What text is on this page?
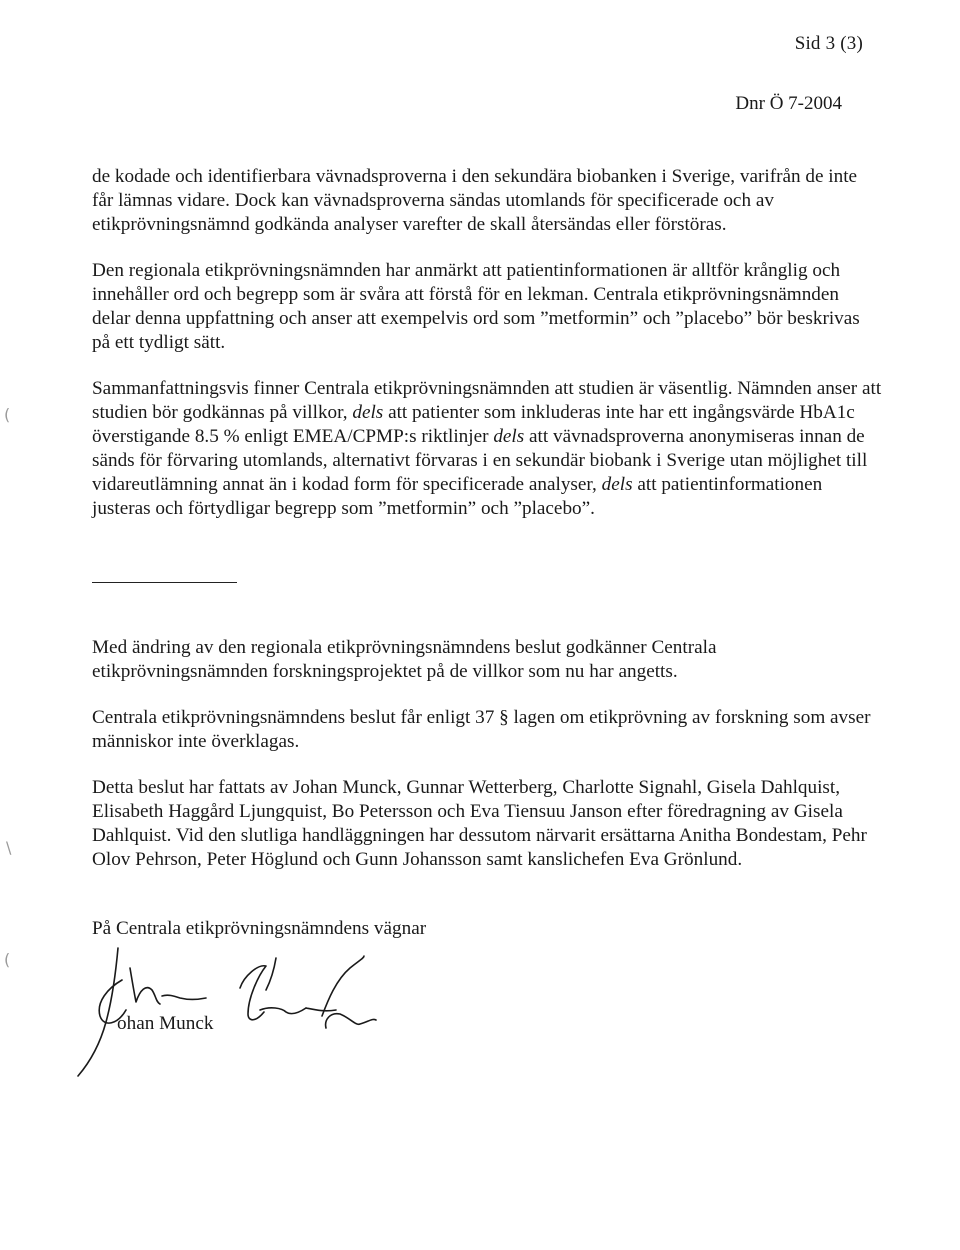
Sid 3 (3)
Dnr Ö 7-2004

de kodade och identifierbara vävnadsproverna i den sekundära biobanken i Sverige, varifrån de inte får lämnas vidare. Dock kan vävnadsproverna sändas utomlands för specificerade och av etikprövningsnämnd godkända analyser varefter de skall återsändas eller förstöras.

Den regionala etikprövningsnämnden har anmärkt att patientinformationen är alltför krånglig och innehåller ord och begrepp som är svåra att förstå för en lekman. Centrala etikprövningsnämnden delar denna uppfattning och anser att exempelvis ord som ”metformin” och ”placebo” bör beskrivas på ett tydligt sätt.

Sammanfattningsvis finner Centrala etikprövningsnämnden att studien är väsentlig. Nämnden anser att studien bör godkännas på villkor, dels att patienter som inkluderas inte har ett ingångsvärde HbA1c överstigande 8.5 % enligt EMEA/CPMP:s riktlinjer dels att vävnadsproverna anonymiseras innan de sänds för förvaring utomlands, alternativt förvaras i en sekundär biobank i Sverige utan möjlighet till vidareutlämning annat än i kodad form för specificerade analyser, dels att patientinformationen justeras och förtydligar begrepp som ”metformin” och ”placebo”.

Med ändring av den regionala etikprövningsnämndens beslut godkänner Centrala etikprövningsnämnden forskningsprojektet på de villkor som nu har angetts.

Centrala etikprövningsnämndens beslut får enligt 37 § lagen om etikprövning av forskning som avser människor inte överklagas.

Detta beslut har fattats av Johan Munck, Gunnar Wetterberg, Charlotte Signahl, Gisela Dahlquist, Elisabeth Haggård Ljungquist, Bo Petersson och Eva Tiensuu Janson efter föredragning av Gisela Dahlquist. Vid den slutliga handläggningen har dessutom närvarit ersättarna Anitha Bondestam, Pehr Olov Pehrson, Peter Höglund och Gunn Johansson samt kanslichefen Eva Grönlund.

På Centrala etikprövningsnämndens vägnar

ohan Munck
(
\
(
